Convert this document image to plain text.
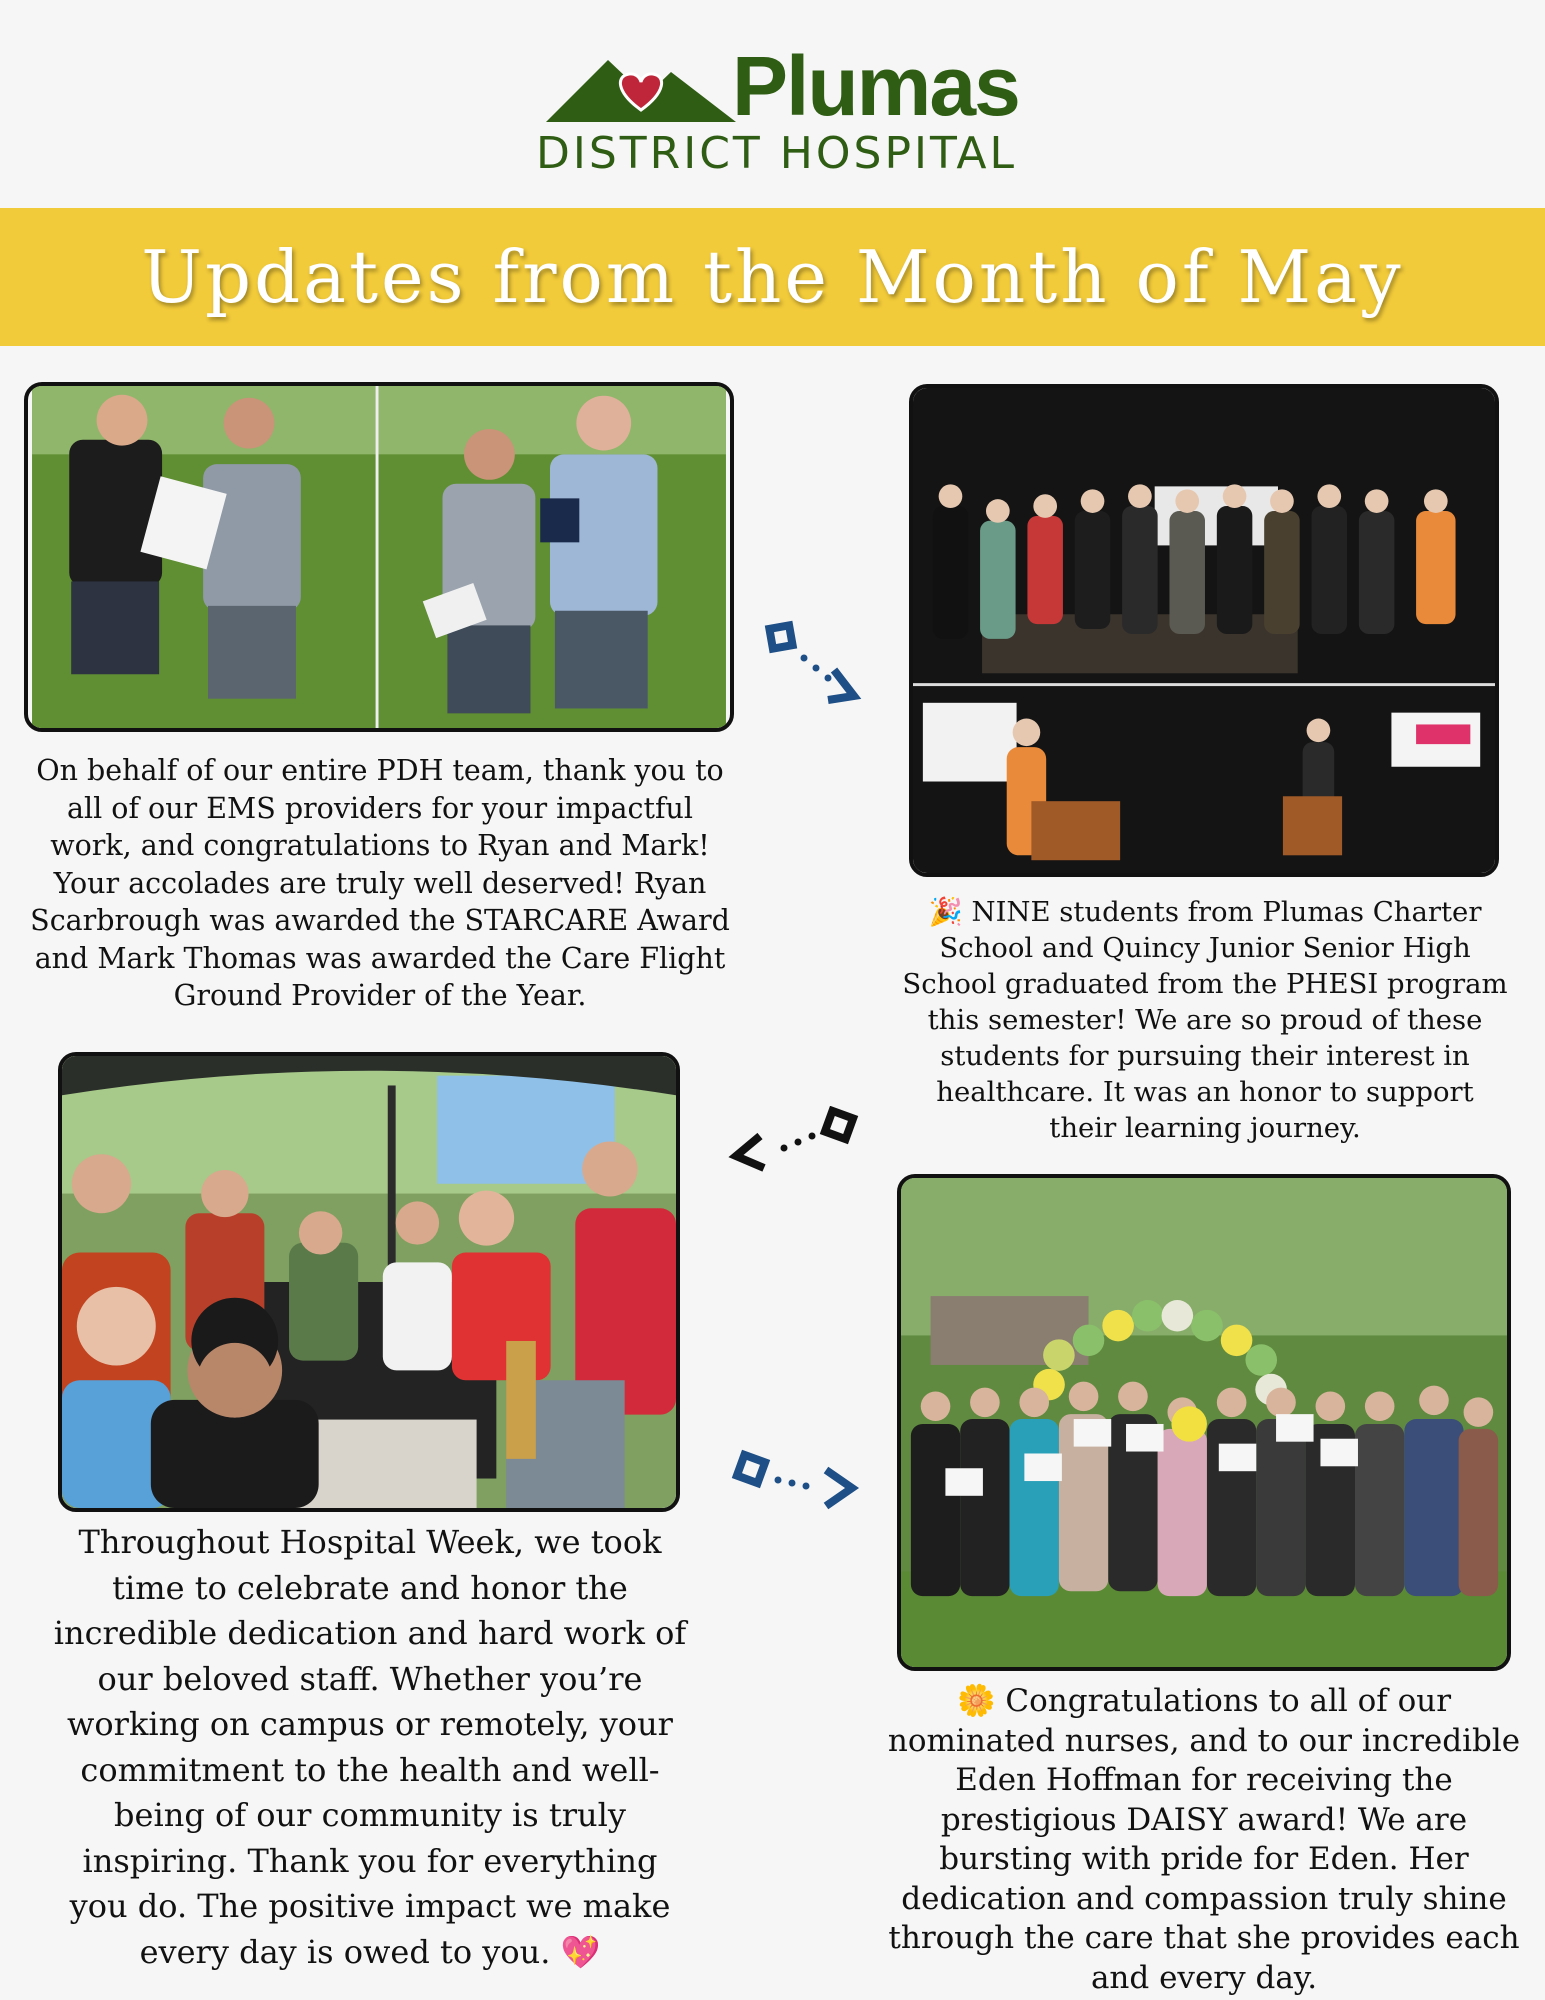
Plumas
DISTRICT HOSPITAL
Updates from the Month of May

On behalf of our entire PDH team, thank you to all of our EMS providers for your impactful work, and congratulations to Ryan and Mark! Your accolades are truly well deserved! Ryan Scarbrough was awarded the STARCARE Award and Mark Thomas was awarded the Care Flight Ground Provider of the Year.

🎉 NINE students from Plumas Charter School and Quincy Junior Senior High School graduated from the PHESI program this semester! We are so proud of these students for pursuing their interest in healthcare. It was an honor to support their learning journey.

Throughout Hospital Week, we took time to celebrate and honor the incredible dedication and hard work of our beloved staff. Whether you’re working on campus or remotely, your commitment to the health and well-being of our community is truly inspiring. Thank you for everything you do. The positive impact we make every day is owed to you. 💖

🌼 Congratulations to all of our nominated nurses, and to our incredible Eden Hoffman for receiving the prestigious DAISY award! We are bursting with pride for Eden. Her dedication and compassion truly shine through the care that she provides each and every day.
